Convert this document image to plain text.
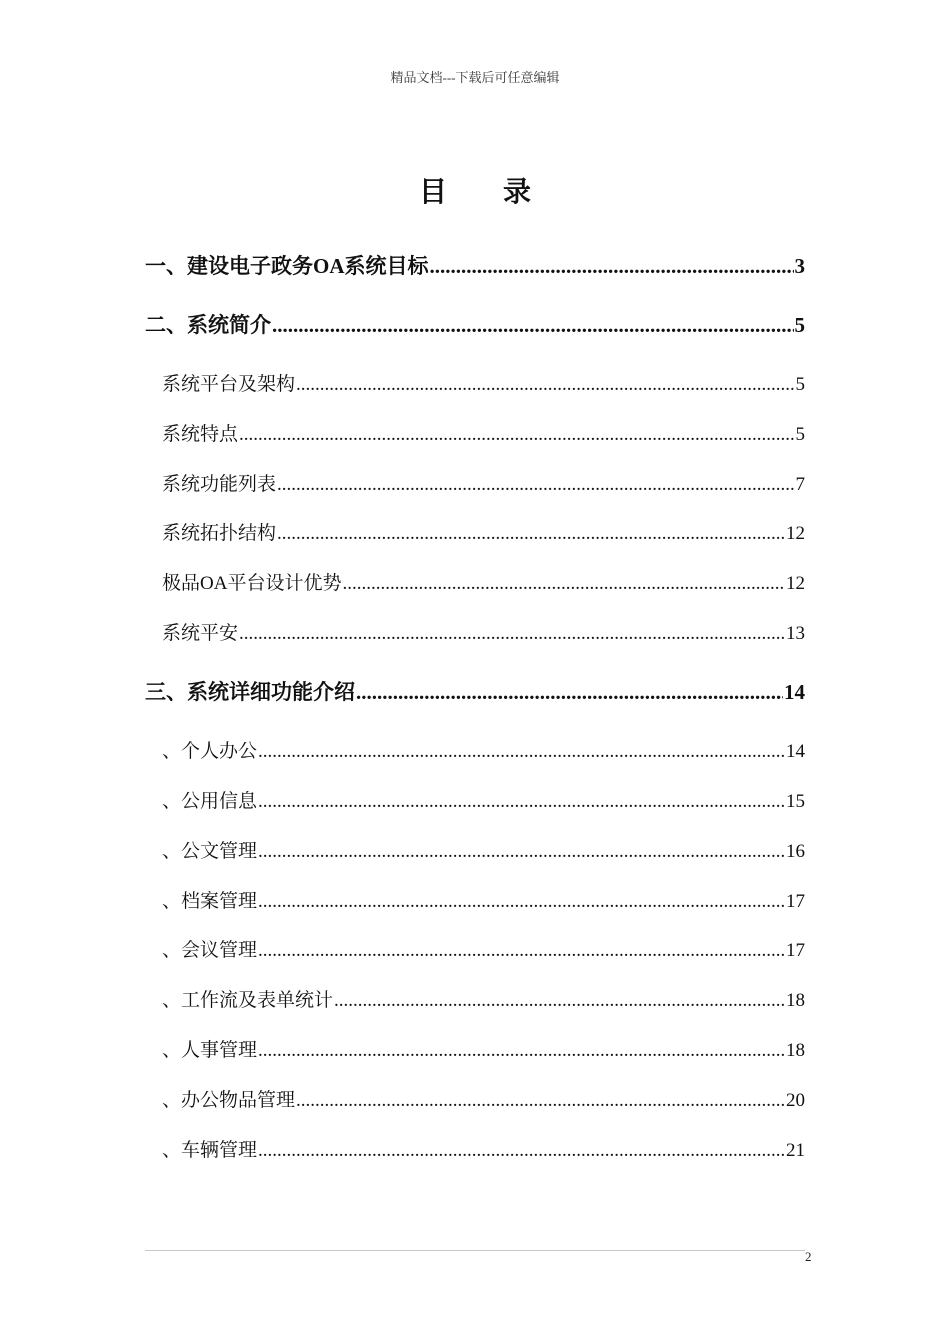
精品文档---下载后可任意编辑
目录
一、建设电子政务OA系统目标 .....	3
二、系统简介 .....	5
系统平台及架构 .....	5
系统特点 .....	5
系统功能列表 .....	7
系统拓扑结构 .....	12
极品OA平台设计优势 .....	12
系统平安 .....	13
三、系统详细功能介绍 .....	14
、个人办公 .....	14
、公用信息 .....	15
、公文管理 .....	16
、档案管理 .....	17
、会议管理 .....	17
、工作流及表单统计 .....	18
、人事管理 .....	18
、办公物品管理 .....	20
、车辆管理 .....	21
2
